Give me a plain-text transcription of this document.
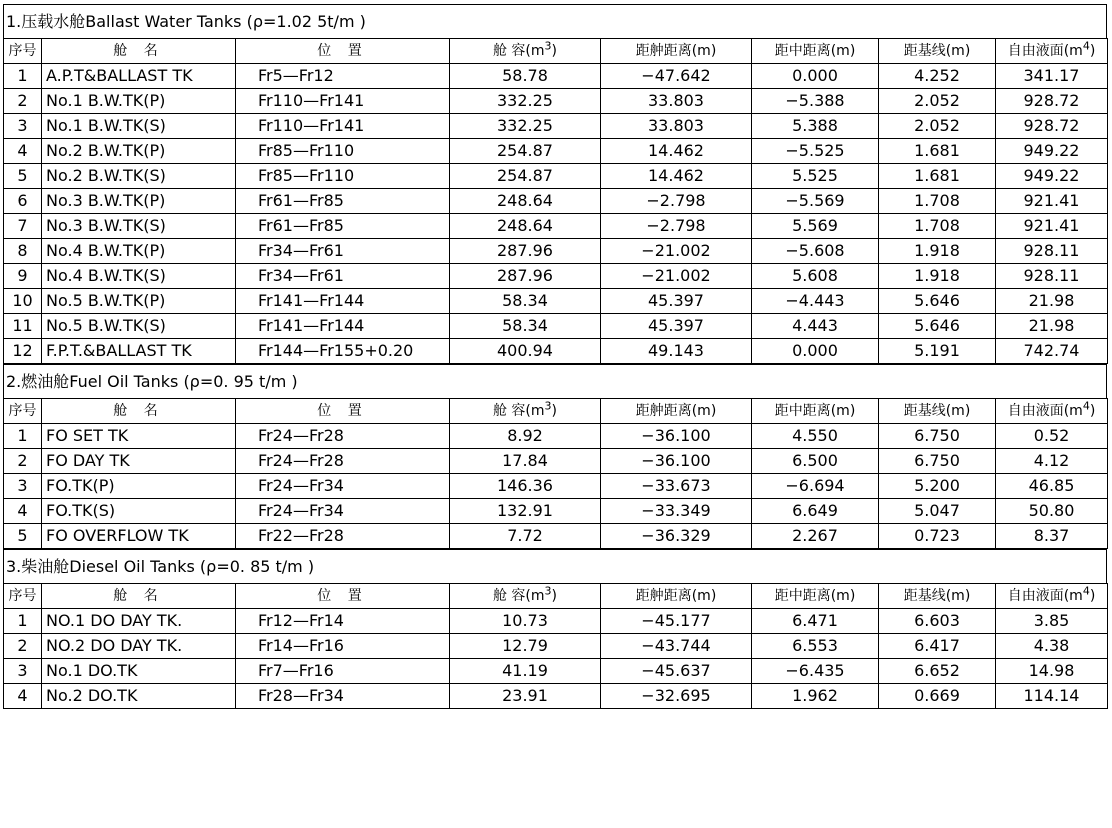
1.压载水舱Ballast Water Tanks (ρ=1.02 5t/m )
序号	舱 名	位 置	舱 容$(m^3)$	距舯距离(m)	距中距离(m)	距基线(m)	自由液面$(m^4)$
1	A.P.T&BALLAST TK	Fr5—Fr12	58.78	−47.642	0.000	4.252	341.17
2	No.1 B.W.TK(P)	Fr110—Fr141	332.25	33.803	−5.388	2.052	928.72
3	No.1 B.W.TK(S)	Fr110—Fr141	332.25	33.803	5.388	2.052	928.72
4	No.2 B.W.TK(P)	Fr85—Fr110	254.87	14.462	−5.525	1.681	949.22
5	No.2 B.W.TK(S)	Fr85—Fr110	254.87	14.462	5.525	1.681	949.22
6	No.3 B.W.TK(P)	Fr61—Fr85	248.64	−2.798	−5.569	1.708	921.41
7	No.3 B.W.TK(S)	Fr61—Fr85	248.64	−2.798	5.569	1.708	921.41
8	No.4 B.W.TK(P)	Fr34—Fr61	287.96	−21.002	−5.608	1.918	928.11
9	No.4 B.W.TK(S)	Fr34—Fr61	287.96	−21.002	5.608	1.918	928.11
10	No.5 B.W.TK(P)	Fr141—Fr144	58.34	45.397	−4.443	5.646	21.98
11	No.5 B.W.TK(S)	Fr141—Fr144	58.34	45.397	4.443	5.646	21.98
12	F.P.T.&BALLAST TK	Fr144—Fr155+0.20	400.94	49.143	0.000	5.191	742.74
2.燃油舱Fuel Oil Tanks (ρ=0. 95 t/m )
序号	舱 名	位 置	舱 容$(m^3)$	距舯距离(m)	距中距离(m)	距基线(m)	自由液面$(m^4)$
1	FO SET TK	Fr24—Fr28	8.92	−36.100	4.550	6.750	0.52
2	FO DAY TK	Fr24—Fr28	17.84	−36.100	6.500	6.750	4.12
3	FO.TK(P)	Fr24—Fr34	146.36	−33.673	−6.694	5.200	46.85
4	FO.TK(S)	Fr24—Fr34	132.91	−33.349	6.649	5.047	50.80
5	FO OVERFLOW TK	Fr22—Fr28	7.72	−36.329	2.267	0.723	8.37
3.柴油舱Diesel Oil Tanks (ρ=0. 85 t/m )
序号	舱 名	位 置	舱 容$(m^3)$	距舯距离(m)	距中距离(m)	距基线(m)	自由液面$(m^4)$
1	NO.1 DO DAY TK.	Fr12—Fr14	10.73	−45.177	6.471	6.603	3.85
2	NO.2 DO DAY TK.	Fr14—Fr16	12.79	−43.744	6.553	6.417	4.38
3	No.1 DO.TK	Fr7—Fr16	41.19	−45.637	−6.435	6.652	14.98
4	No.2 DO.TK	Fr28—Fr34	23.91	−32.695	1.962	0.669	114.14
